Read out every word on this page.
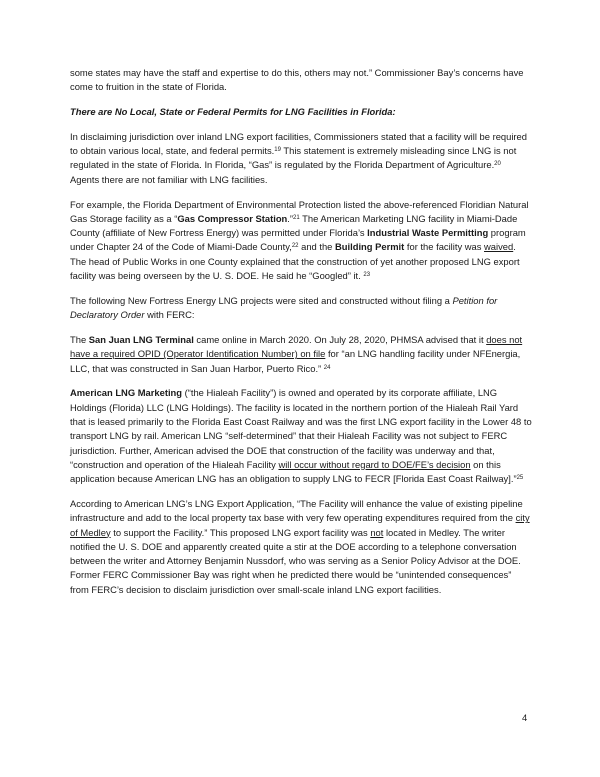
some states may have the staff and expertise to do this, others may not.” Commissioner Bay’s concerns have come to fruition in the state of Florida.

There are No Local, State or Federal Permits for LNG Facilities in Florida:

In disclaiming jurisdiction over inland LNG export facilities, Commissioners stated that a facility will be required to obtain various local, state, and federal permits.$^{19}$ This statement is extremely misleading since LNG is not regulated in the state of Florida. In Florida, “Gas” is regulated by the Florida Department of Agriculture.$^{20}$ Agents there are not familiar with LNG facilities.

For example, the Florida Department of Environmental Protection listed the above-referenced Floridian Natural Gas Storage facility as a “Gas Compressor Station.”$^{21}$ The American Marketing LNG facility in Miami-Dade County (affiliate of New Fortress Energy) was permitted under Florida’s Industrial Waste Permitting program under Chapter 24 of the Code of Miami-Dade County,$^{22}$ and the Building Permit for the facility was waived. The head of Public Works in one County explained that the construction of yet another proposed LNG export facility was being overseen by the U. S. DOE. He said he “Googled” it. $^{23}$

The following New Fortress Energy LNG projects were sited and constructed without filing a Petition for Declaratory Order with FERC:

The San Juan LNG Terminal came online in March 2020. On July 28, 2020, PHMSA advised that it does not have a required OPID (Operator Identification Number) on file for “an LNG handling facility under NFEnergia, LLC, that was constructed in San Juan Harbor, Puerto Rico.” $^{24}$

American LNG Marketing (“the Hialeah Facility”) is owned and operated by its corporate affiliate, LNG Holdings (Florida) LLC (LNG Holdings). The facility is located in the northern portion of the Hialeah Rail Yard that is leased primarily to the Florida East Coast Railway and was the first LNG export facility in the Lower 48 to transport LNG by rail. American LNG “self-determined” that their Hialeah Facility was not subject to FERC jurisdiction. Further, American advised the DOE that construction of the facility was underway and that, “construction and operation of the Hialeah Facility will occur without regard to DOE/FE’s decision on this application because American LNG has an obligation to supply LNG to FECR [Florida East Coast Railway].”$^{25}$

According to American LNG’s LNG Export Application, “The Facility will enhance the value of existing pipeline infrastructure and add to the local property tax base with very few operating expenditures required from the city of Medley to support the Facility.” This proposed LNG export facility was not located in Medley. The writer notified the U. S. DOE and apparently created quite a stir at the DOE according to a telephone conversation between the writer and Attorney Benjamin Nussdorf, who was serving as a Senior Policy Advisor at the DOE. Former FERC Commissioner Bay was right when he predicted there would be “unintended consequences” from FERC’s decision to disclaim jurisdiction over small-scale inland LNG export facilities.

4
